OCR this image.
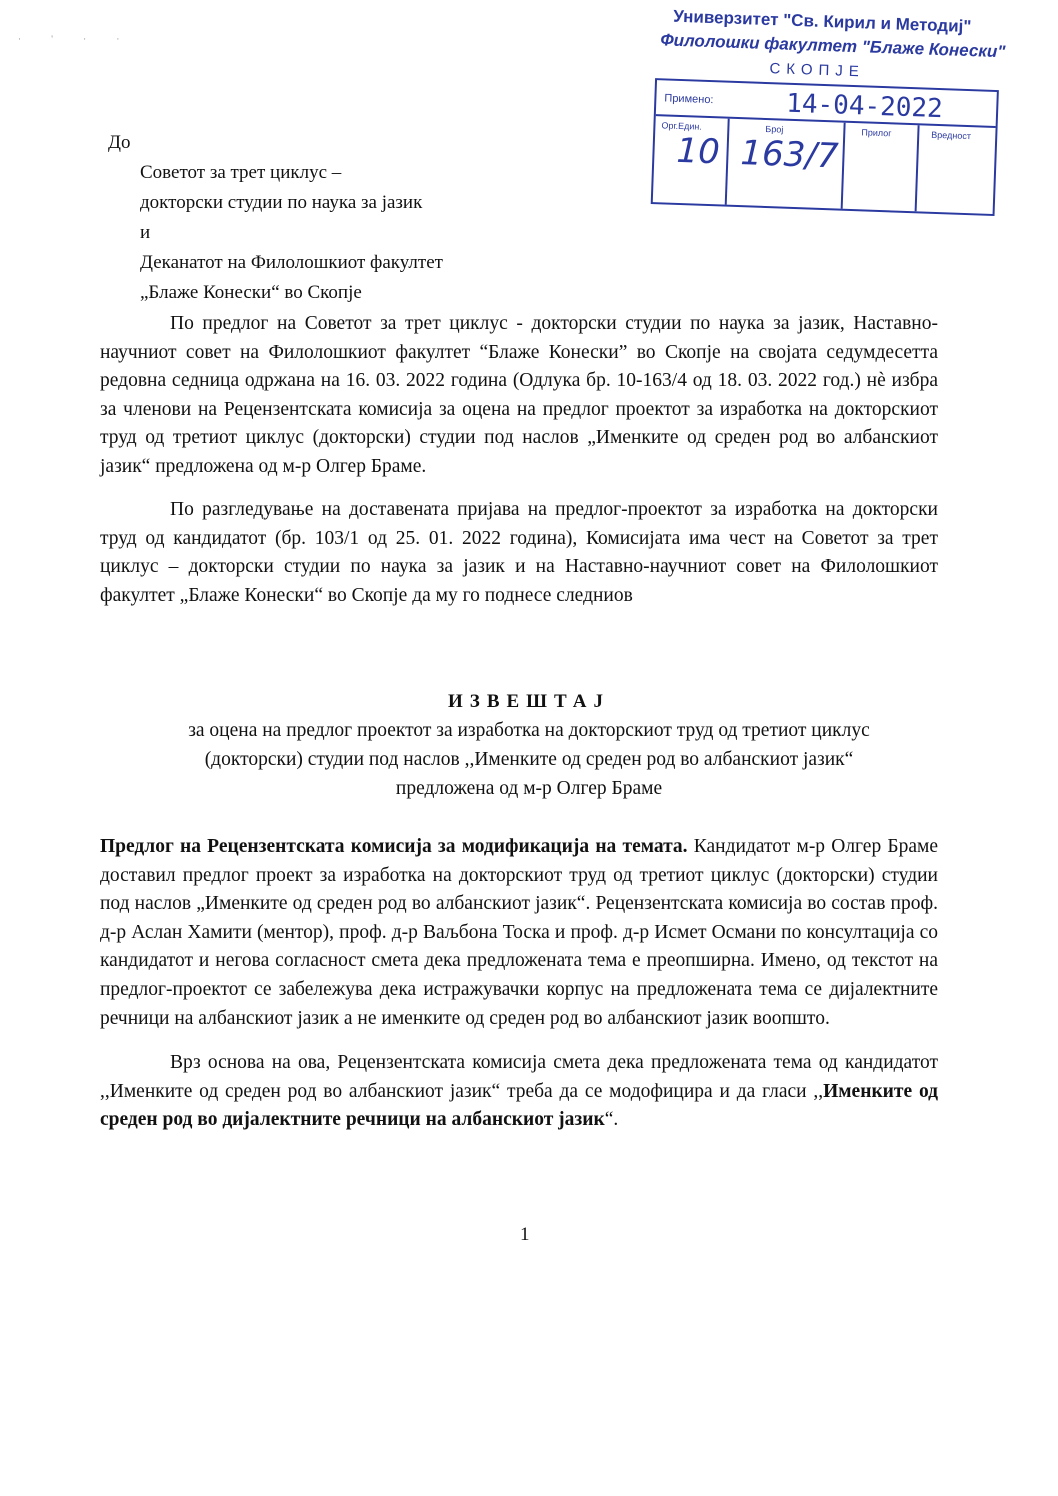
· ' · ·
Универзитет "Св. Кирил и Методиј"
Филолошки факултет "Блаже Конески"
СКОПЈЕ
Примено:	14-04-2022
Орг.Един.	Број	Прилог	Вредност
10 163/7
До
Советот за трет циклус –
докторски студии по наука за јазик
и
Деканатот на Филолошкиот факултет
„Блаже Конески“ во Скопје
По предлог на Советот за трет циклус - докторски студии по наука за јазик, Наставно-научниот совет на Филолошкиот факултет “Блаже Конески” во Скопје на својата седумдесетта редовна седница одржана на 16. 03. 2022 година (Одлука бр. 10-163/4 од 18. 03. 2022 год.) нè избра за членови на Рецензентската комисија за оцена на предлог проектот за изработка на докторскиот труд од третиот циклус (докторски) студии под наслов „Именките од среден род во албанскиот јазик“ предложена од м-р Олгер Браме.
По разгледување на доставената пријава на предлог-проектот за изработка на докторски труд од кандидатот (бр. 103/1 од 25. 01. 2022 година), Комисијата има чест на Советот за трет циклус – докторски студии по наука за јазик и на Наставно-научниот совет на Филолошкиот факултет „Блаже Конески“ во Скопје да му го поднесе следниов
ИЗВЕШТАЈ
за оцена на предлог проектот за изработка на докторскиот труд од третиот циклус
(докторски) студии под наслов ,,Именките од среден род во албанскиот јазик“
предложена од м-р Олгер Браме
Предлог на Рецензентската комисија за модификација на темата. Кандидатот м-р Олгер Браме доставил предлог проект за изработка на докторскиот труд од третиот циклус (докторски) студии под наслов „Именките од среден род во албанскиот јазик“. Рецензентската комисија во состав проф. д-р Аслан Хамити (ментор), проф. д-р Ваљбона Тоска и проф. д-р Исмет Османи по консултација со кандидатот и негова согласност смета дека предложената тема е преопширна. Имено, од текстот на предлог-проектот се забележува дека истражувачки корпус на предложената тема се дијалектните речници на албанскиот јазик а не именките од среден род во албанскиот јазик воопшто.
Врз основа на ова, Рецензентската комисија смета дека предложената тема од кандидатот ,,Именките од среден род во албанскиот јазик“ треба да се модофицира и да гласи ,,Именките од среден род во дијалектните речници на албанскиот јазик“.
1
